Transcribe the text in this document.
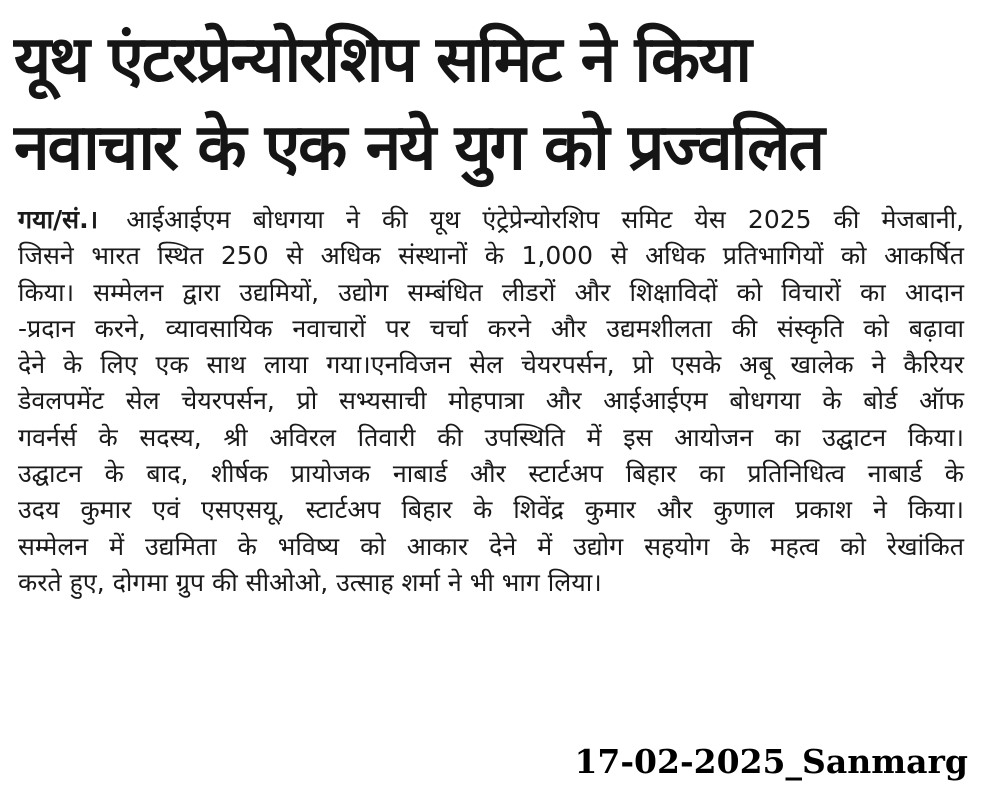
यूथ एंटरप्रेन्योरशिप समिट ने किया
नवाचार के एक नये युग को प्रज्वलित
गया/सं.। आईआईएम बोधगया ने की यूथ एंट्रेप्रेन्योरशिप समिट येस 2025 की मेजबानी,
जिसने भारत स्थित 250 से अधिक संस्थानों के 1,000 से अधिक प्रतिभागियों को आकर्षित
किया। सम्मेलन द्वारा उद्यमियों, उद्योग सम्बंधित लीडरों और शिक्षाविदों को विचारों का आदान
-प्रदान करने, व्यावसायिक नवाचारों पर चर्चा करने और उद्यमशीलता की संस्कृति को बढ़ावा
देने के लिए एक साथ लाया गया।एनविजन सेल चेयरपर्सन, प्रो एसके अबू खालेक ने कैरियर
डेवलपमेंट सेल चेयरपर्सन, प्रो सभ्यसाची मोहपात्रा और आईआईएम बोधगया के बोर्ड ऑफ
गवर्नर्स के सदस्य, श्री अविरल तिवारी की उपस्थिति में इस आयोजन का उद्घाटन किया।
उद्घाटन के बाद, शीर्षक प्रायोजक नाबार्ड और स्टार्टअप बिहार का प्रतिनिधित्व नाबार्ड के
उदय कुमार एवं एसएसयू, स्टार्टअप बिहार के शिवेंद्र कुमार और कुणाल प्रकाश ने किया।
सम्मेलन में उद्यमिता के भविष्य को आकार देने में उद्योग सहयोग के महत्व को रेखांकित
करते हुए, दोगमा ग्रुप की सीओओ, उत्साह शर्मा ने भी भाग लिया।
17-02-2025_Sanmarg
